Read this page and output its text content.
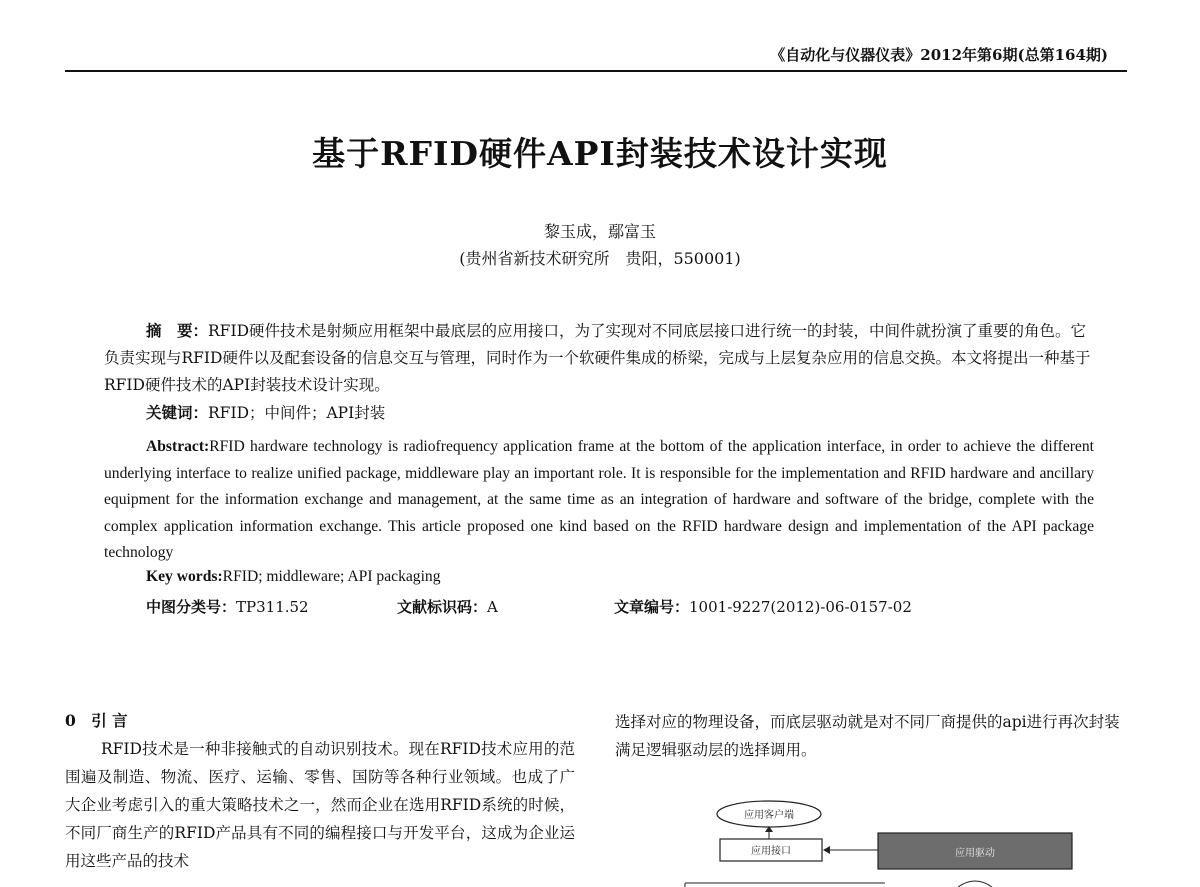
《自动化与仪器仪表》2012年第6期(总第164期)
基于RFID硬件API封装技术设计实现
黎玉成，鄢富玉
(贵州省新技术研究所　贵阳，550001)
摘　要：RFID硬件技术是射频应用框架中最底层的应用接口，为了实现对不同底层接口进行统一的封装，中间件就扮演了重要的角色。它负责实现与RFID硬件以及配套设备的信息交互与管理，同时作为一个软硬件集成的桥梁，完成与上层复杂应用的信息交换。本文将提出一种基于RFID硬件技术的API封装技术设计实现。
关键词：RFID；中间件；API封装
Abstract:RFID hardware technology is radiofrequency application frame at the bottom of the application interface, in order to achieve the different underlying interface to realize unified package, middleware play an important role. It is responsible for the implementation and RFID hardware and ancillary equipment for the information exchange and management, at the same time as an integration of hardware and software of the bridge, complete with the complex application information exchange. This article proposed one kind based on the RFID hardware design and implementation of the API package technology
Key words:RFID; middleware; API packaging
中图分类号：TP311.52	文献标识码：A	文章编号：1001-9227(2012)-06-0157-02
0　引 言

RFID技术是一种非接触式的自动识别技术。现在RFID技术应用的范围遍及制造、物流、医疗、运输、零售、国防等各种行业领域。也成了广大企业考虑引入的重大策略技术之一，然而企业在选用RFID系统的时候，不同厂商生产的RFID产品具有不同的编程接口与开发平台，这成为企业运用这些产品的技术

选择对应的物理设备，而底层驱动就是对不同厂商提供的api进行再次封装满足逻辑驱动层的选择调用。

应用客户端
应用接口	应用驱动
